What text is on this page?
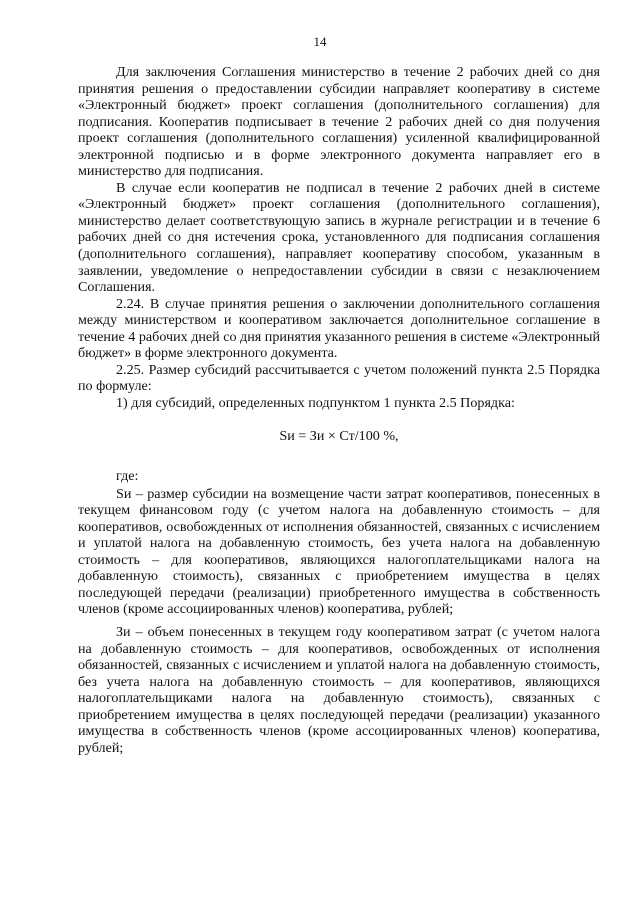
14

Для заключения Соглашения министерство в течение 2 рабочих дней со дня принятия решения о предоставлении субсидии направляет кооперативу в системе «Электронный бюджет» проект соглашения (дополнительного соглашения) для подписания. Кооператив подписывает в течение 2 рабочих дней со дня получения проект соглашения (дополнительного соглашения) усиленной квалифицированной электронной подписью и в форме электронного документа направляет его в министерство для подписания.

В случае если кооператив не подписал в течение 2 рабочих дней в системе «Электронный бюджет» проект соглашения (дополнительного соглашения), министерство делает соответствующую запись в журнале регистрации и в течение 6 рабочих дней со дня истечения срока, установленного для подписания соглашения (дополнительного соглашения), направляет кооперативу способом, указанным в заявлении, уведомление о непредоставлении субсидии в связи с незаключением Соглашения.

2.24. В случае принятия решения о заключении дополнительного соглашения между министерством и кооперативом заключается дополнительное соглашение в течение 4 рабочих дней со дня принятия указанного решения в системе «Электронный бюджет» в форме электронного документа.

2.25. Размер субсидий рассчитывается с учетом положений пункта 2.5 Порядка по формуле:

1) для субсидий, определенных подпунктом 1 пункта 2.5 Порядка:

Sи = Зи × Ст/100 %,

где:

Sи – размер субсидии на возмещение части затрат кооперативов, понесенных в текущем финансовом году (с учетом налога на добавленную стоимость – для кооперативов, освобожденных от исполнения обязанностей, связанных с исчислением и уплатой налога на добавленную стоимость, без учета налога на добавленную стоимость – для кооперативов, являющихся налогоплательщиками налога на добавленную стоимость), связанных с приобретением имущества в целях последующей передачи (реализации) приобретенного имущества в собственность членов (кроме ассоциированных членов) кооператива, рублей;

Зи – объем понесенных в текущем году кооперативом затрат (с учетом налога на добавленную стоимость – для кооперативов, освобожденных от исполнения обязанностей, связанных с исчислением и уплатой налога на добавленную стоимость, без учета налога на добавленную стоимость – для кооперативов, являющихся налогоплательщиками налога на добавленную стоимость), связанных с приобретением имущества в целях последующей передачи (реализации) указанного имущества в собственность членов (кроме ассоциированных членов) кооператива, рублей;
